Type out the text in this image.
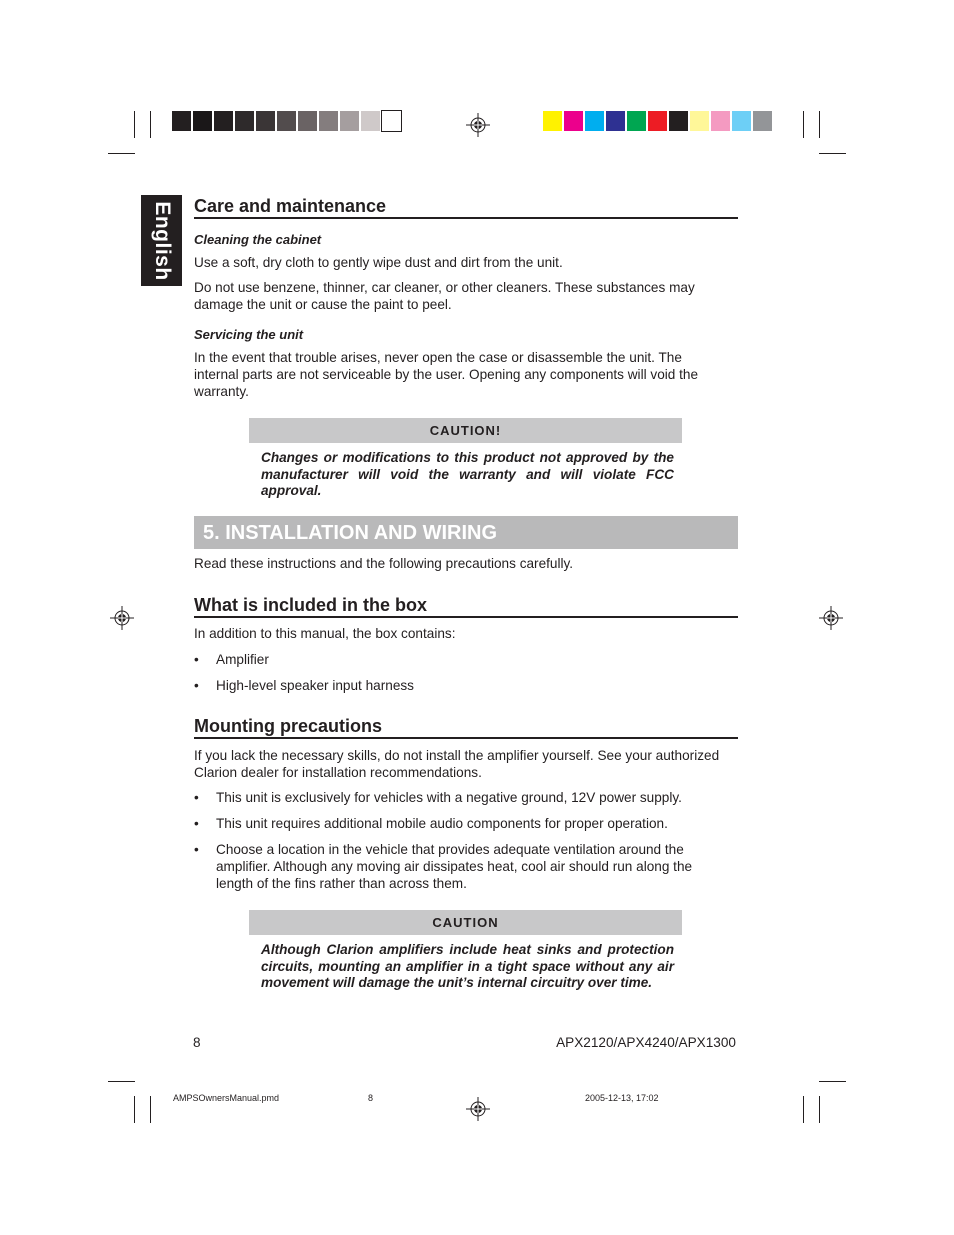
English Care and maintenance
Cleaning the cabinet
Use a soft, dry cloth to gently wipe dust and dirt from the unit.
Do not use benzene, thinner, car cleaner, or other cleaners. These substances may damage the unit or cause the paint to peel.
Servicing the unit
In the event that trouble arises, never open the case or disassemble the unit. The internal parts are not serviceable by the user. Opening any components will void the warranty.
CAUTION!
Changes or modifications to this product not approved by the manufacturer will void the warranty and will violate FCC approval.
5. INSTALLATION AND WIRING
Read these instructions and the following precautions carefully.
What is included in the box
In addition to this manual, the box contains:
• Amplifier
• High-level speaker input harness
Mounting precautions
If you lack the necessary skills, do not install the amplifier yourself. See your authorized Clarion dealer for installation recommendations.
• This unit is exclusively for vehicles with a negative ground, 12V power supply.
• This unit requires additional mobile audio components for proper operation.
• Choose a location in the vehicle that provides adequate ventilation around the amplifier. Although any moving air dissipates heat, cool air should run along the length of the fins rather than across them.
CAUTION
Although Clarion amplifiers include heat sinks and protection circuits, mounting an amplifier in a tight space without any air movement will damage the unit’s internal circuitry over time.
8	APX2120/APX4240/APX1300
AMPSOwnersManual.pmd	8	2005-12-13, 17:02
